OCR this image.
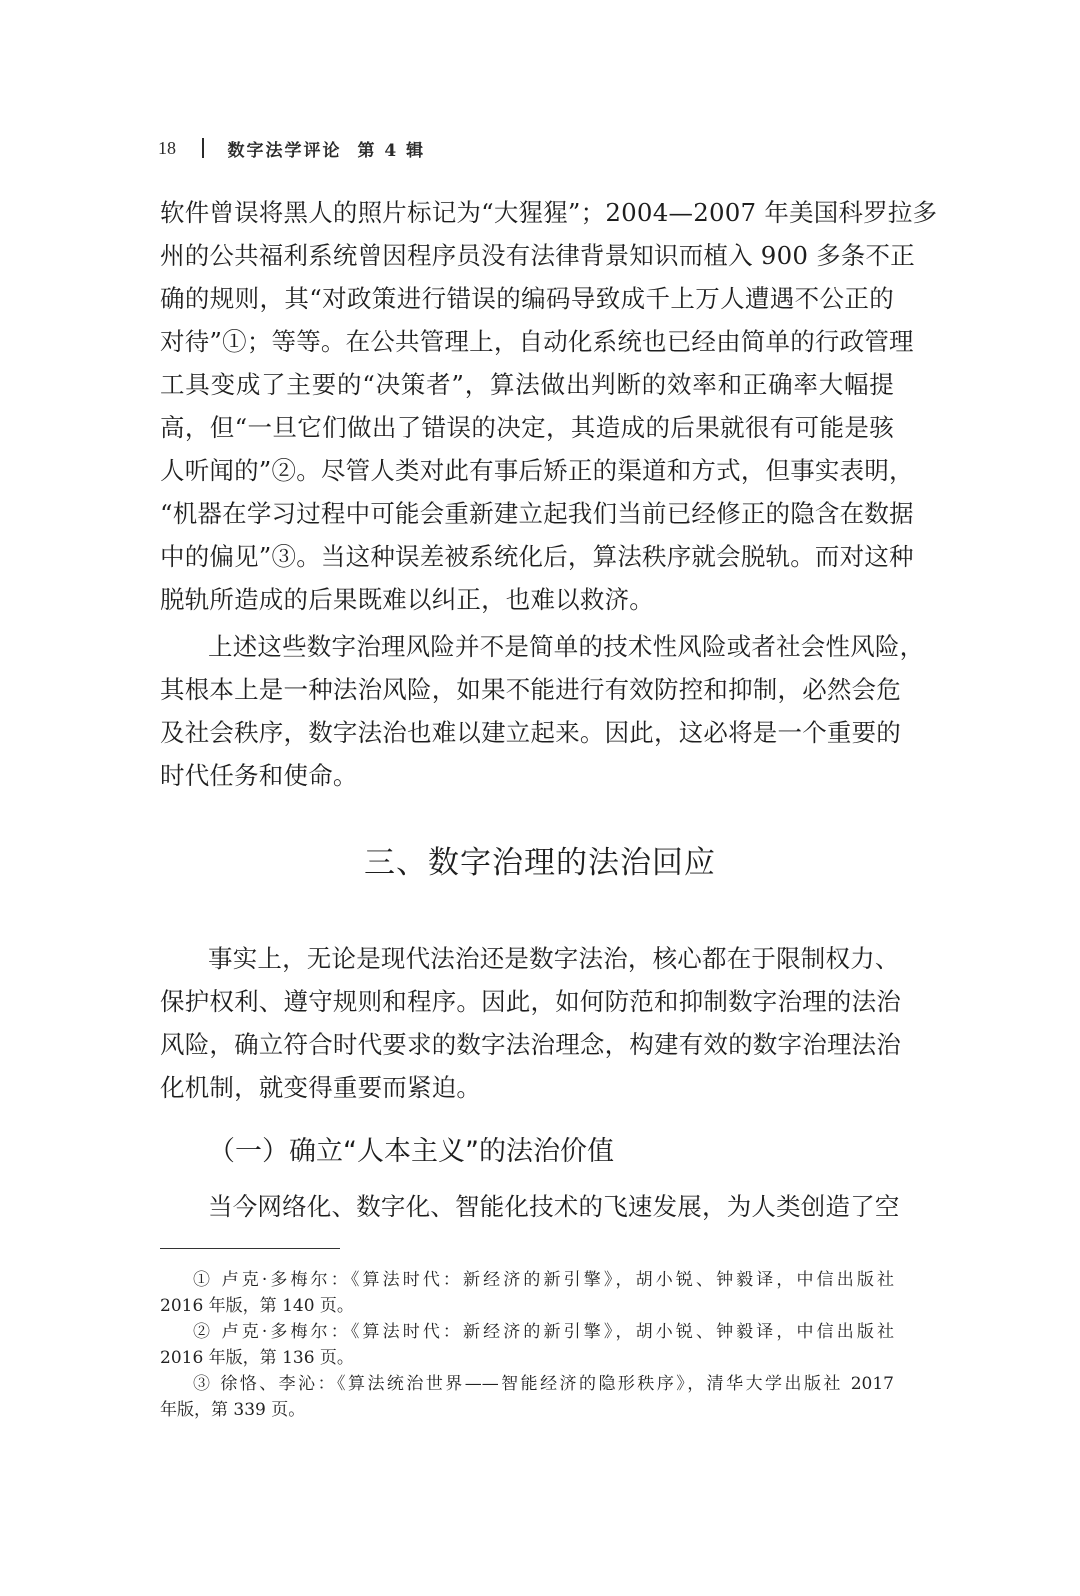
18	数字法学评论 第 4 辑
软件曾误将黑人的照片标记为“大猩猩”；2004—2007 年美国科罗拉多
州的公共福利系统曾因程序员没有法律背景知识而植入 900 多条不正
确的规则，其“对政策进行错误的编码导致成千上万人遭遇不公正的
对待”①；等等。在公共管理上，自动化系统也已经由简单的行政管理
工具变成了主要的“决策者”，算法做出判断的效率和正确率大幅提
高，但“一旦它们做出了错误的决定，其造成的后果就很有可能是骇
人听闻的”②。尽管人类对此有事后矫正的渠道和方式，但事实表明，
“机器在学习过程中可能会重新建立起我们当前已经修正的隐含在数据
中的偏见”③。当这种误差被系统化后，算法秩序就会脱轨。而对这种
脱轨所造成的后果既难以纠正，也难以救济。
上述这些数字治理风险并不是简单的技术性风险或者社会性风险，
其根本上是一种法治风险，如果不能进行有效防控和抑制，必然会危
及社会秩序，数字法治也难以建立起来。因此，这必将是一个重要的
时代任务和使命。
三、数字治理的法治回应
事实上，无论是现代法治还是数字法治，核心都在于限制权力、
保护权利、遵守规则和程序。因此，如何防范和抑制数字治理的法治
风险，确立符合时代要求的数字法治理念，构建有效的数字治理法治
化机制，就变得重要而紧迫。
（一）确立“人本主义”的法治价值
当今网络化、数字化、智能化技术的飞速发展，为人类创造了空
① 卢克·多梅尔：《算法时代：新经济的新引擎》，胡小锐、钟毅译，中信出版社
2016 年版，第 140 页。
② 卢克·多梅尔：《算法时代：新经济的新引擎》，胡小锐、钟毅译，中信出版社
2016 年版，第 136 页。
③ 徐恪、李沁：《算法统治世界——智能经济的隐形秩序》，清华大学出版社 2017
年版，第 339 页。
